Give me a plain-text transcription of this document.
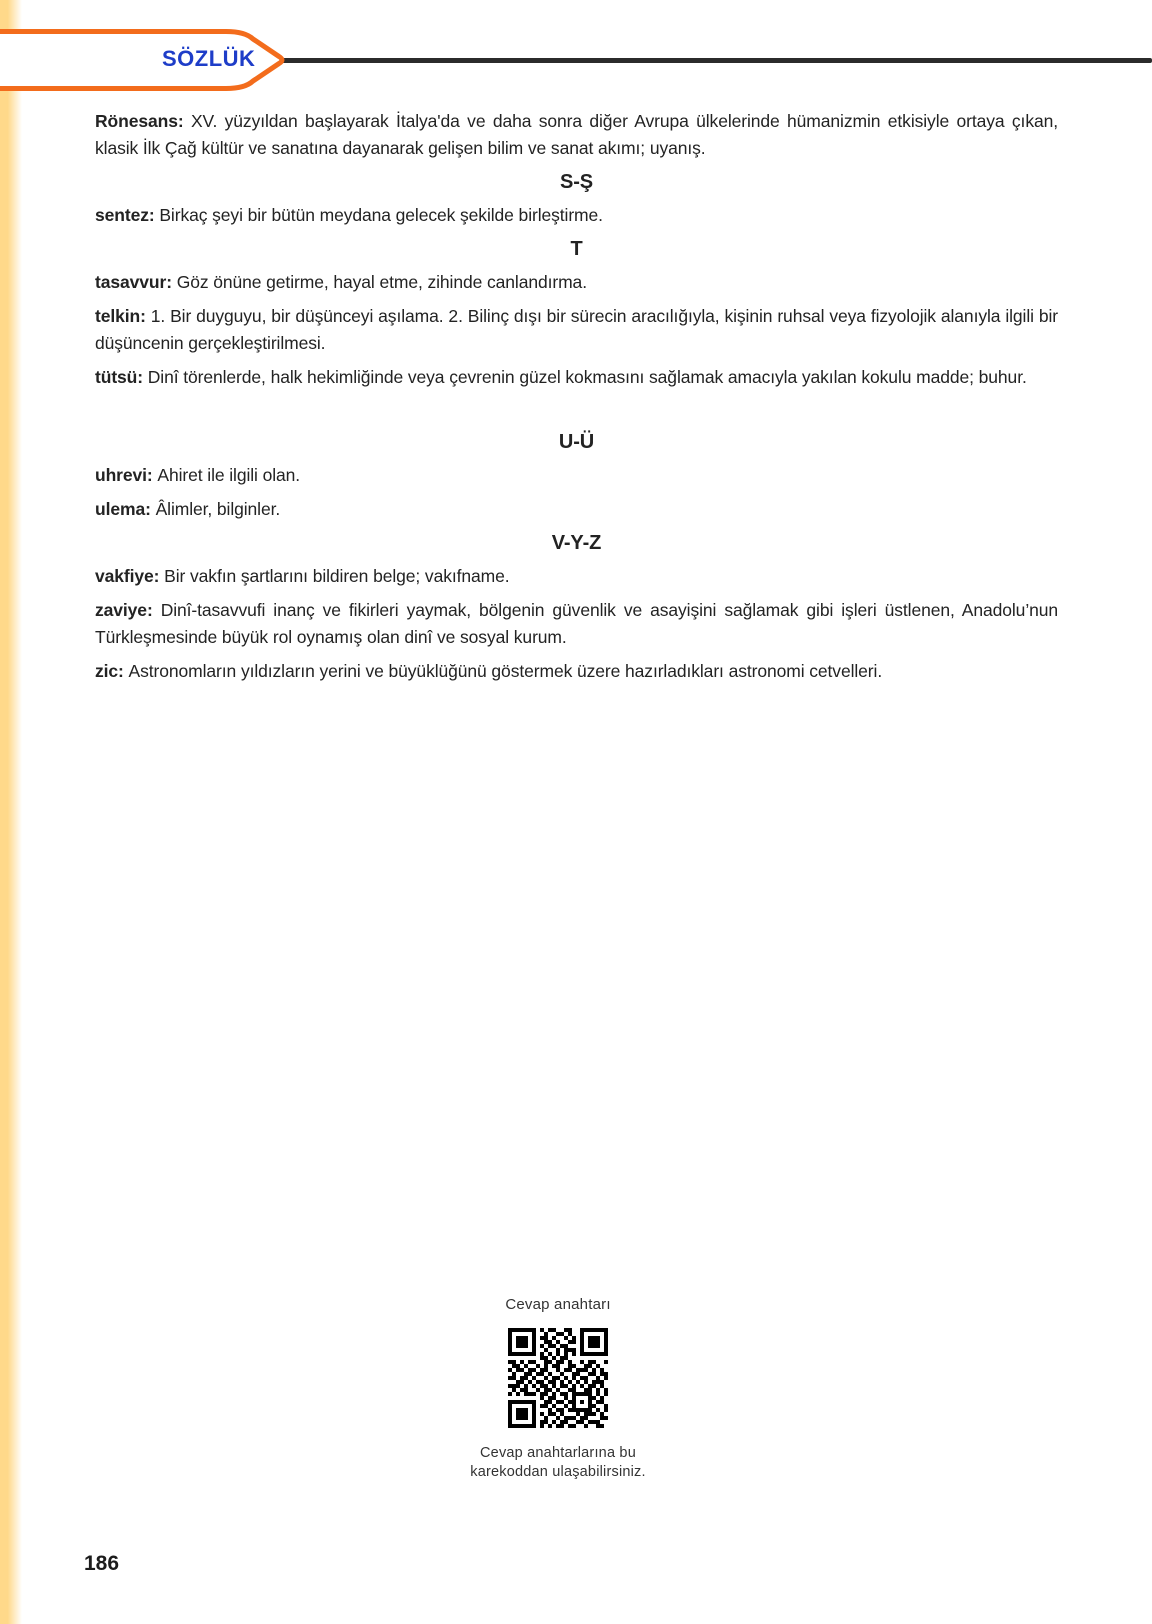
SÖZLÜK

Rönesans: XV. yüzyıldan başlayarak İtalya'da ve daha sonra diğer Avrupa ülkelerinde hümanizmin etkisiyle ortaya çıkan, klasik İlk Çağ kültür ve sanatına dayanarak gelişen bilim ve sanat akımı; uyanış.

S-Ş

sentez: Birkaç şeyi bir bütün meydana gelecek şekilde birleştirme.

T

tasavvur: Göz önüne getirme, hayal etme, zihinde canlandırma.

telkin: 1. Bir duyguyu, bir düşünceyi aşılama. 2. Bilinç dışı bir sürecin aracılığıyla, kişinin ruhsal veya fizyolojik alanıyla ilgili bir düşüncenin gerçekleştirilmesi.

tütsü: Dinî törenlerde, halk hekimliğinde veya çevrenin güzel kokmasını sağlamak amacıyla yakılan kokulu madde; buhur.

U-Ü

uhrevi: Ahiret ile ilgili olan.

ulema: Âlimler, bilginler.

V-Y-Z

vakfiye: Bir vakfın şartlarını bildiren belge; vakıfname.

zaviye: Dinî-tasavvufi inanç ve fikirleri yaymak, bölgenin güvenlik ve asayişini sağlamak gibi işleri üstlenen, Anadolu’nun Türkleşmesinde büyük rol oynamış olan dinî ve sosyal kurum.

zic: Astronomların yıldızların yerini ve büyüklüğünü göstermek üzere hazırladıkları astronomi cetvelleri.

Cevap anahtarı
Cevap anahtarlarına bu
karekoddan ulaşabilirsiniz.
186
